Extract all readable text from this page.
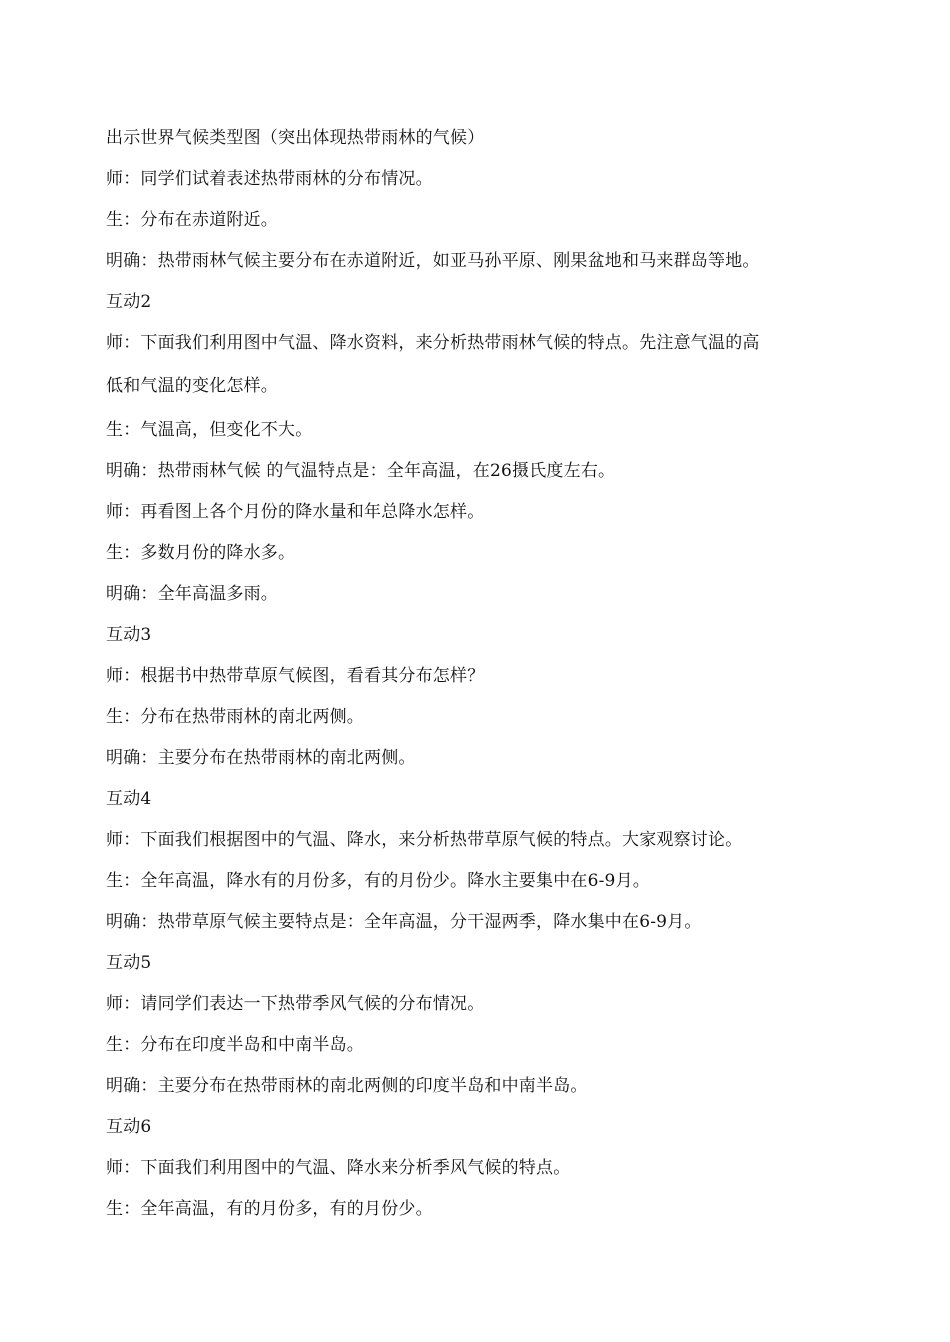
出示世界气候类型图（突出体现热带雨林的气候）
师：同学们试着表述热带雨林的分布情况。
生：分布在赤道附近。
明确：热带雨林气候主要分布在赤道附近，如亚马孙平原、刚果盆地和马来群岛等地。
互动2
师：下面我们利用图中气温、降水资料，来分析热带雨林气候的特点。先注意气温的高
低和气温的变化怎样。
生：气温高，但变化不大。
明确：热带雨林气候 的气温特点是：全年高温，在26摄氏度左右。
师：再看图上各个月份的降水量和年总降水怎样。
生：多数月份的降水多。
明确：全年高温多雨。
互动3
师：根据书中热带草原气候图，看看其分布怎样？
生：分布在热带雨林的南北两侧。
明确：主要分布在热带雨林的南北两侧。
互动4
师：下面我们根据图中的气温、降水，来分析热带草原气候的特点。大家观察讨论。
生：全年高温，降水有的月份多，有的月份少。降水主要集中在6-9月。
明确：热带草原气候主要特点是：全年高温，分干湿两季，降水集中在6-9月。
互动5
师：请同学们表达一下热带季风气候的分布情况。
生：分布在印度半岛和中南半岛。
明确：主要分布在热带雨林的南北两侧的印度半岛和中南半岛。
互动6
师：下面我们利用图中的气温、降水来分析季风气候的特点。
生：全年高温，有的月份多，有的月份少。
